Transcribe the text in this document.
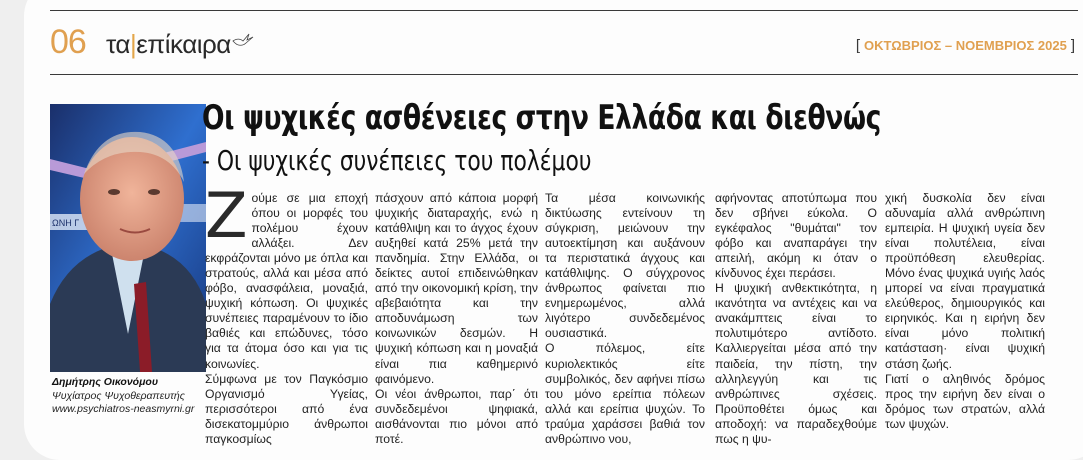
06 τα|επίκαιρα	[ ΟΚΤΩΒΡΙΟΣ – ΝΟΕΜΒΡΙΟΣ 2025 ]
ΩΝΗ Γ
Δημήτρης Οικονόμου
Ψυχίατρος Ψυχοθεραπευτής
www.psychiatros-neasmyrni.gr
Οι ψυχικές ασθένειες στην Ελλάδα και διεθνώς
- Οι ψυχικές συνέπειες του πολέμου
Ζ ούμε σε μια εποχή όπου οι μορφές του πολέμου έχουν αλλάξει. Δεν εκφράζονται μόνο με όπλα και στρατούς, αλλά και μέσα από φόβο, ανασφάλεια, μοναξιά, ψυχική κόπωση. Οι ψυχικές συνέπειες παραμένουν το ίδιο βαθιές και επώδυνες, τόσο για τα άτομα όσο και για τις κοινωνίες.

Σύμφωνα με τον Παγκόσμιο Οργανισμό Υγείας, περισσότεροι από ένα δισεκατομμύριο άνθρωποι παγκοσμίως

πάσχουν από κάποια μορφή ψυχικής διαταραχής, ενώ η κατάθλιψη και το άγχος έχουν αυξηθεί κατά 25% μετά την πανδημία. Στην Ελλάδα, οι δείκτες αυτοί επιδεινώθηκαν από την οικονομική κρίση, την αβεβαιότητα και την αποδυνάμωση των κοινωνικών δεσμών. Η ψυχική κόπωση και η μοναξιά είναι πια καθημερινό φαινόμενο.

Οι νέοι άνθρωποι, παρ΄ ότι συνδεδεμένοι ψηφιακά, αισθάνονται πιο μόνοι από ποτέ.

Τα μέσα κοινωνικής δικτύωσης εντείνουν τη σύγκριση, μειώνουν την αυτοεκτίμηση και αυξάνουν τα περιστατικά άγχους και κατάθλιψης. Ο σύγχρονος άνθρωπος φαίνεται πιο ενημερωμένος, αλλά λιγότερο συνδεδεμένος ουσιαστικά.

Ο πόλεμος, είτε κυριολεκτικός είτε συμβολικός, δεν αφήνει πίσω του μόνο ερείπια πόλεων αλλά και ερείπια ψυχών. Το τραύμα χαράσσει βαθιά τον ανθρώπινο νου,

αφήνοντας αποτύπωμα που δεν σβήνει εύκολα. Ο εγκέφαλος "θυμάται" τον φόβο και αναπαράγει την απειλή, ακόμη κι όταν ο κίνδυνος έχει περάσει.

Η ψυχική ανθεκτικότητα, η ικανότητα να αντέχεις και να ανακάμπτεις είναι το πολυτιμότερο αντίδοτο. Καλλιεργείται μέσα από την παιδεία, την πίστη, την αλληλεγγύη και τις ανθρώπινες σχέσεις. Προϋποθέτει όμως και αποδοχή: να παραδεχθούμε πως η ψυ-

χική δυσκολία δεν είναι αδυναμία αλλά ανθρώπινη εμπειρία. Η ψυχική υγεία δεν είναι πολυτέλεια, είναι προϋπόθεση ελευθερίας. Μόνο ένας ψυχικά υγιής λαός μπορεί να είναι πραγματικά ελεύθερος, δημιουργικός και ειρηνικός. Και η ειρήνη δεν είναι μόνο πολιτική κατάσταση· είναι ψυχική στάση ζωής.

Γιατί ο αληθινός δρόμος προς την ειρήνη δεν είναι ο δρόμος των στρατών, αλλά των ψυχών.
